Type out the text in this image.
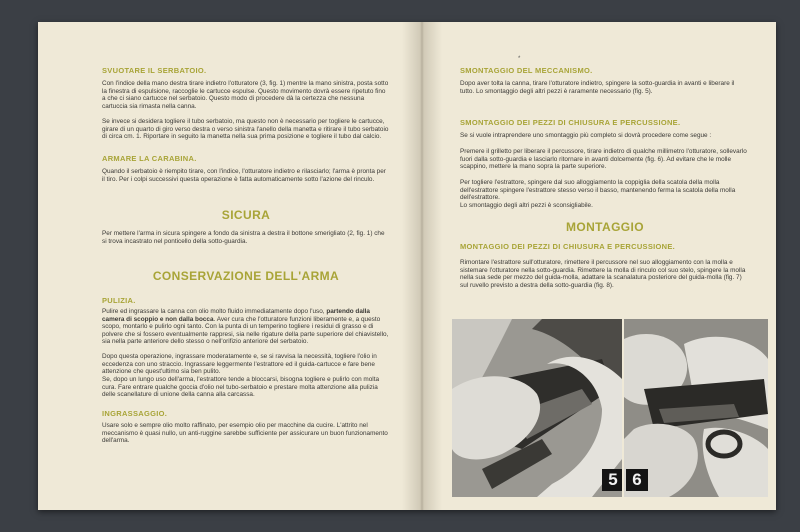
SVUOTARE IL SERBATOIO.

Con l'indice della mano destra tirare indietro l'otturatore (3, fig. 1) mentre la mano sinistra, posta sotto la finestra di espulsione, raccoglie le cartucce espulse. Questo movimento dovrà essere ripetuto fino a che ci siano cartucce nel serbatoio. Questo modo di procedere dà la certezza che nessuna cartuccia sia rimasta nella canna.

Se invece si desidera togliere il tubo serbatoio, ma questo non è necessario per togliere le cartucce, girare di un quarto di giro verso destra o verso sinistra l'anello della manetta e ritirare il tubo serbatoio di circa cm. 1. Riportare in seguito la manetta nella sua prima posizione e togliere il tubo dal calcio.

ARMARE LA CARABINA.

Quando il serbatoio è riempito tirare, con l'indice, l'otturatore indietro e rilasciarlo; l'arma è pronta per il tiro. Per i colpi successivi questa operazione è fatta automaticamente sotto l'azione del rinculo.

SICURA

Per mettere l'arma in sicura spingere a fondo da sinistra a destra il bottone smerigliato (2, fig. 1) che si trova incastrato nel ponticello della sotto-guardia.

CONSERVAZIONE DELL'ARMA
PULIZIA.

Pulire ed ingrassare la canna con olio molto fluido immediatamente dopo l'uso, partendo dalla camera di scoppio e non dalla bocca. Aver cura che l'otturatore funzioni liberamente e, a questo scopo, montarlo e pulirlo ogni tanto. Con la punta di un temperino togliere i residui di grasso e di polvere che si fossero eventualmente rappresi, sia nelle rigature della parte superiore del chiavistello, sia nella parte anteriore dello stesso o nell'orifizio anteriore del serbatoio.

Dopo questa operazione, ingrassare moderatamente e, se si ravvisa la necessità, togliere l'olio in eccedenza con uno straccio. Ingrassare leggermente l'estrattore ed il guida-cartucce e fare bene attenzione che quest'ultimo sia ben pulito.

Se, dopo un lungo uso dell'arma, l'estrattore tende a bloccarsi, bisogna togliere e pulirlo con molta cura. Fare entrare qualche goccia d'olio nel tubo-serbatoio e prestare molta attenzione alla pulizia delle scanellature di unione della canna alla carcassa.

INGRASSAGGIO.

Usare solo e sempre olio molto raffinato, per esempio olio per macchine da cucire. L'attrito nel meccanismo è quasi nullo, un anti-ruggine sarebbe sufficiente per assicurare un buon funzionamento dell'arma.

*
SMONTAGGIO DEL MECCANISMO.

Dopo aver tolta la canna, tirare l'otturatore indietro, spingere la sotto-guardia in avanti e liberare il tutto. Lo smontaggio degli altri pezzi è raramente necessario (fig. 5).

SMONTAGGIO DEI PEZZI DI CHIUSURA E PERCUSSIONE.

Se si vuole intraprendere uno smontaggio più completo si dovrà procedere come segue :

Premere il grilletto per liberare il percussore, tirare indietro di qualche millimetro l'otturatore, sollevarlo fuori dalla sotto-guardia e lasciarlo ritornare in avanti dolcemente (fig. 6). Ad evitare che le molle scappino, mettere la mano sopra la parte superiore.

Per togliere l'estrattore, spingere dal suo alloggiamento la coppiglia della scatola della molla dell'estrattore spingere l'estrattore stesso verso il basso, mantenendo ferma la scatola della molla dell'estrattore.

Lo smontaggio degli altri pezzi è sconsigliabile.

MONTAGGIO
MONTAGGIO DEI PEZZI DI CHIUSURA E PERCUSSIONE.

Rimontare l'estrattore sull'otturatore, rimettere il percussore nel suo alloggiamento con la molla e sistemare l'otturatore nella sotto-guardia. Rimettere la molla di rinculo col suo stelo, spingere la molla nella sua sede per mezzo del guida-molla, adattare la scanalatura posteriore del guida-molla (fig. 7) sul ruvello previsto a destra della sotto-guardia (fig. 8).

5 6
